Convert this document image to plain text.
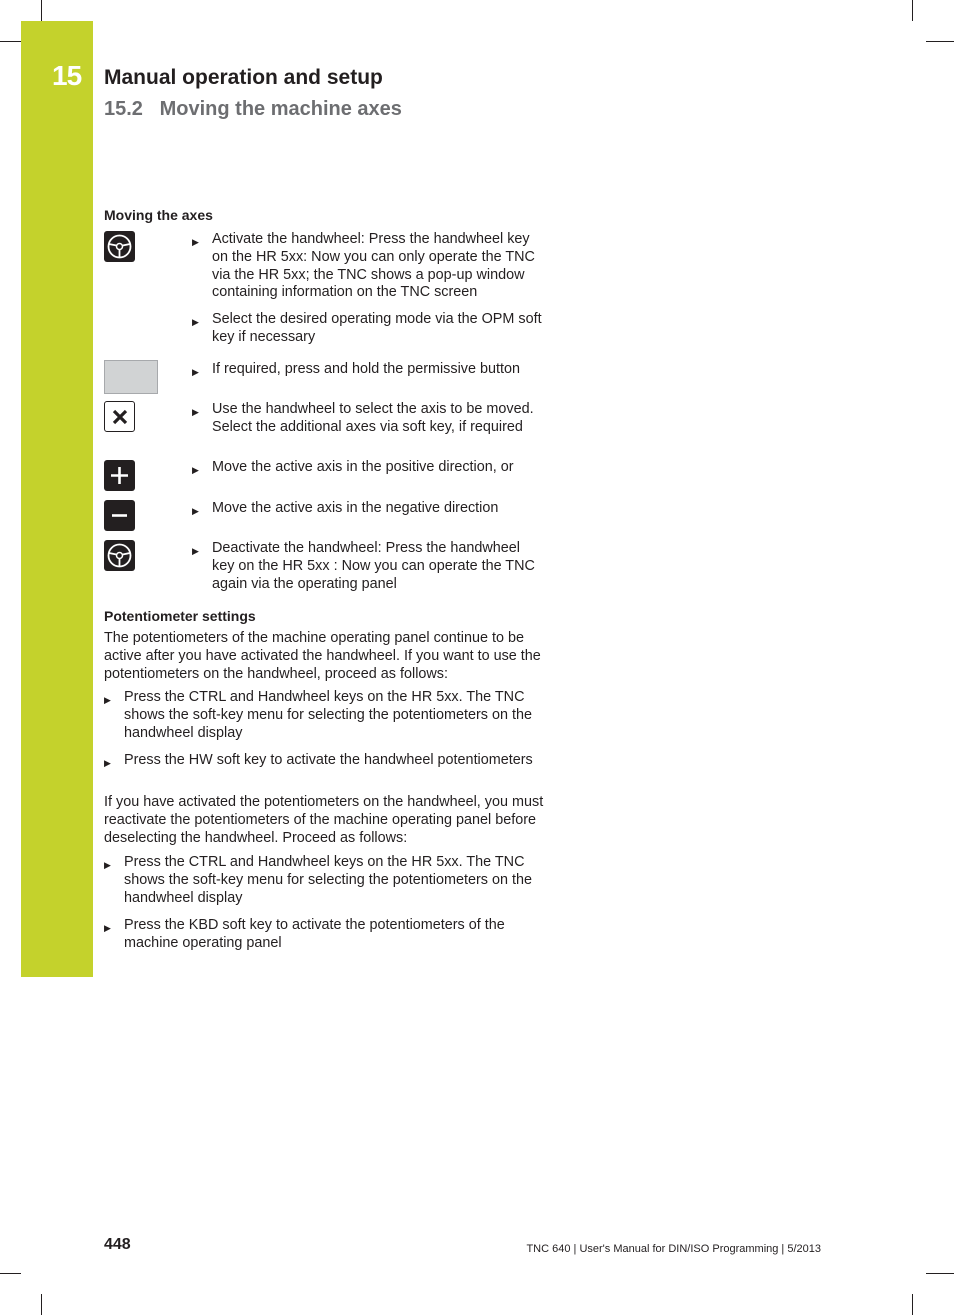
15 Manual operation and setup
15.2 Moving the machine axes
Moving the axes
▶ Activate the handwheel: Press the handwheel key on the HR 5xx: Now you can only operate the TNC via the HR 5xx; the TNC shows a pop-up window containing information on the TNC screen
▶ Select the desired operating mode via the OPM soft key if necessary
▶ If required, press and hold the permissive button
▶ Use the handwheel to select the axis to be moved. Select the additional axes via soft key, if required
▶ Move the active axis in the positive direction, or
▶ Move the active axis in the negative direction
▶ Deactivate the handwheel: Press the handwheel key on the HR 5xx : Now you can operate the TNC again via the operating panel
Potentiometer settings
The potentiometers of the machine operating panel continue to be active after you have activated the handwheel. If you want to use the potentiometers on the handwheel, proceed as follows:
▶ Press the CTRL and Handwheel keys on the HR 5xx. The TNC shows the soft-key menu for selecting the potentiometers on the handwheel display
▶ Press the HW soft key to activate the handwheel potentiometers
If you have activated the potentiometers on the handwheel, you must reactivate the potentiometers of the machine operating panel before deselecting the handwheel. Proceed as follows:
▶ Press the CTRL and Handwheel keys on the HR 5xx. The TNC shows the soft-key menu for selecting the potentiometers on the handwheel display
▶ Press the KBD soft key to activate the potentiometers of the machine operating panel
448	TNC 640 | User's Manual for DIN/ISO Programming | 5/2013
